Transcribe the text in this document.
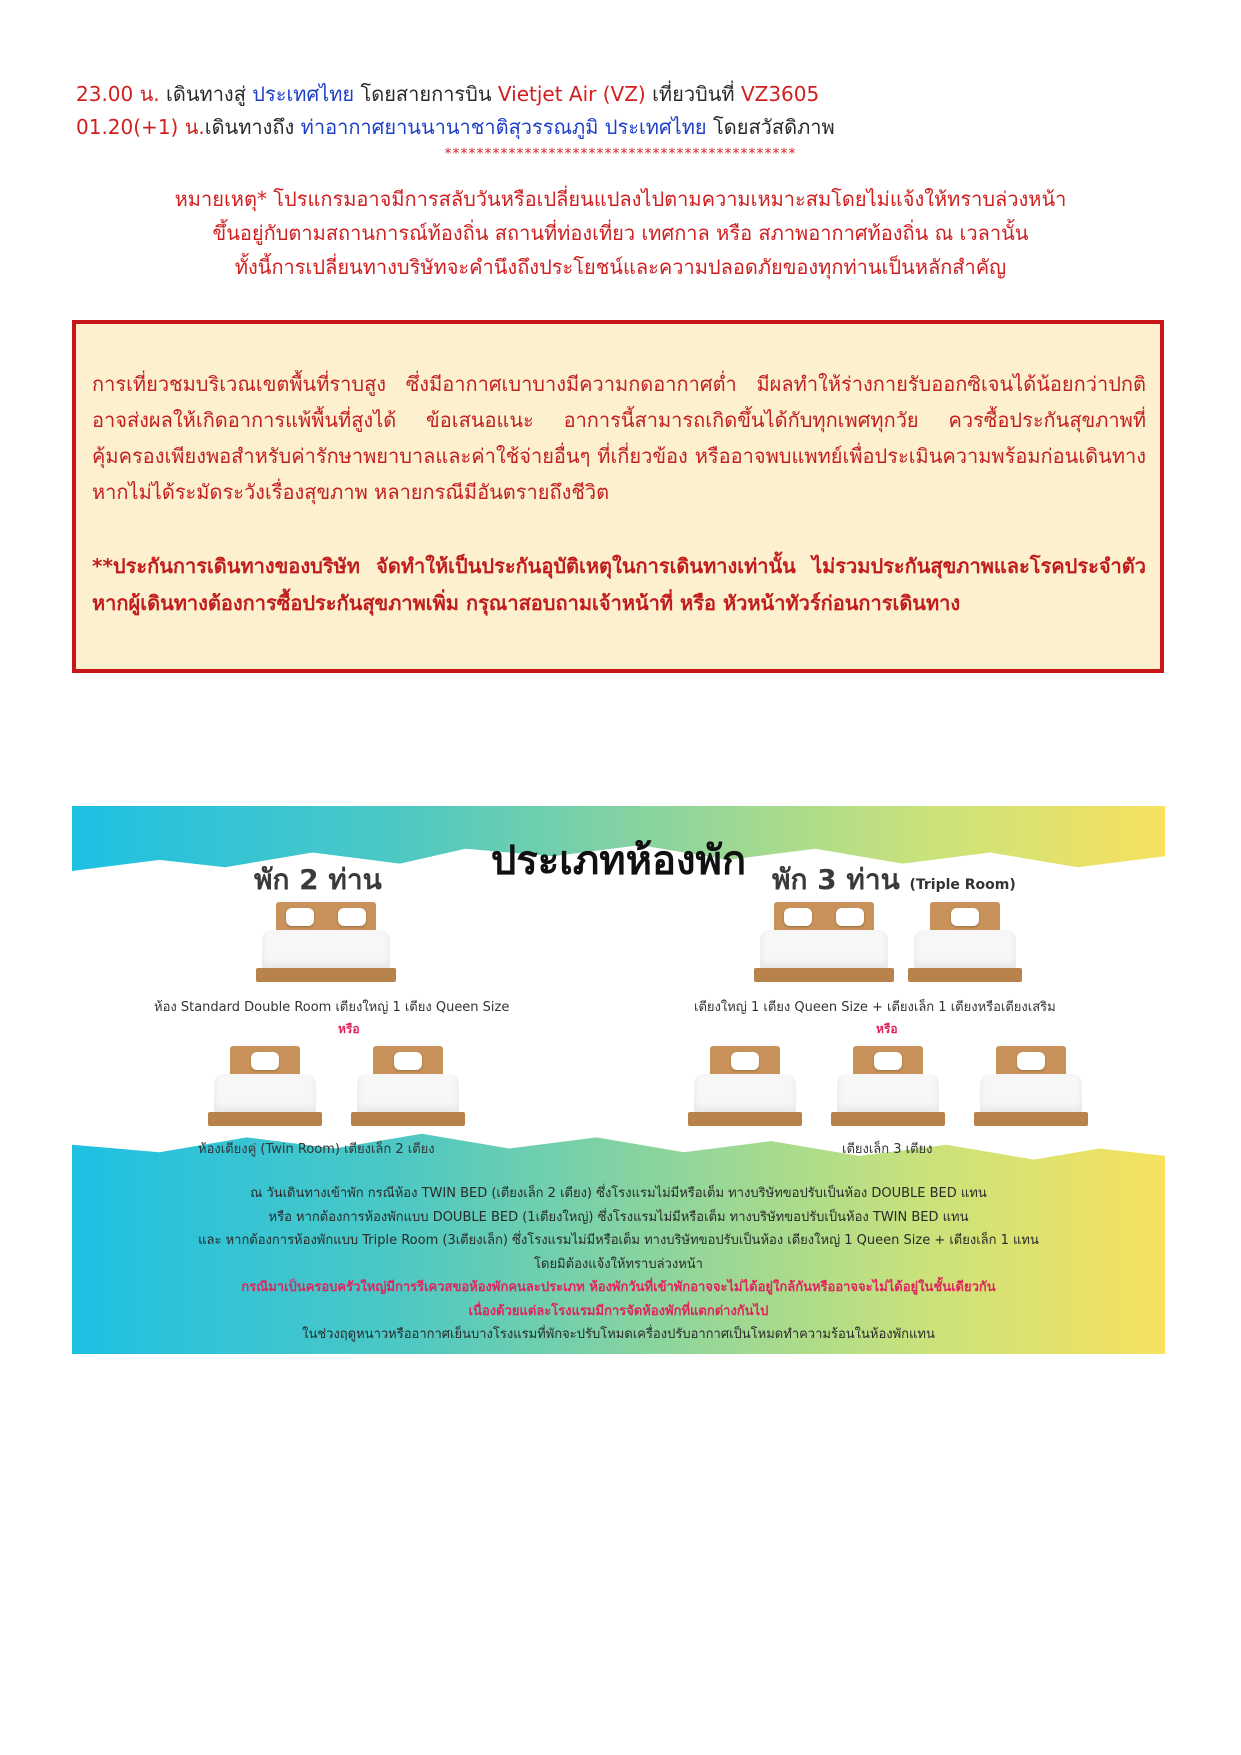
23.00 น. เดินทางสู่ ประเทศไทย โดยสายการบิน Vietjet Air (VZ) เที่ยวบินที่ VZ3605
01.20(+1) น.เดินทางถึง ท่าอากาศยานนานาชาติสุวรรณภูมิ ประเทศไทย โดยสวัสดิภาพ
********************************************
หมายเหตุ* โปรแกรมอาจมีการสลับวันหรือเปลี่ยนแปลงไปตามความเหมาะสมโดยไม่แจ้งให้ทราบล่วงหน้า
ขึ้นอยู่กับตามสถานการณ์ท้องถิ่น สถานที่ท่องเที่ยว เทศกาล หรือ สภาพอากาศท้องถิ่น ณ เวลานั้น
ทั้งนี้การเปลี่ยนทางบริษัทจะคำนึงถึงประโยชน์และความปลอดภัยของทุกท่านเป็นหลักสำคัญ
การเที่ยวชมบริเวณเขตพื้นที่ราบสูง ซึ่งมีอากาศเบาบางมีความกดอากาศต่ำ มีผลทำให้ร่างกายรับออกซิเจนได้น้อยกว่าปกติ อาจส่งผลให้เกิดอาการแพ้พื้นที่สูงได้ ข้อเสนอแนะ อาการนี้สามารถเกิดขึ้นได้กับทุกเพศทุกวัย ควรซื้อประกันสุขภาพที่คุ้มครองเพียงพอสำหรับค่ารักษาพยาบาลและค่าใช้จ่ายอื่นๆ ที่เกี่ยวข้อง หรืออาจพบแพทย์เพื่อประเมินความพร้อมก่อนเดินทาง หากไม่ได้ระมัดระวังเรื่องสุขภาพ หลายกรณีมีอันตรายถึงชีวิต
**ประกันการเดินทางของบริษัท จัดทำให้เป็นประกันอุบัติเหตุในการเดินทางเท่านั้น ไม่รวมประกันสุขภาพและโรคประจำตัว หากผู้เดินทางต้องการซื้อประกันสุขภาพเพิ่ม กรุณาสอบถามเจ้าหน้าที่ หรือ หัวหน้าทัวร์ก่อนการเดินทาง
ประเภทห้องพัก
พัก 2 ท่าน
ห้อง Standard Double Room เตียงใหญ่ 1 เตียง Queen Size
หรือ
ห้องเตียงคู่ (Twin Room) เตียงเล็ก 2 เตียง
พัก 3 ท่าน (Triple Room)
เตียงใหญ่ 1 เตียง Queen Size + เตียงเล็ก 1 เตียงหรือเตียงเสริม
หรือ
เตียงเล็ก 3 เตียง
ณ วันเดินทางเข้าพัก กรณีห้อง TWIN BED (เตียงเล็ก 2 เตียง) ซึ่งโรงแรมไม่มีหรือเต็ม ทางบริษัทขอปรับเป็นห้อง DOUBLE BED แทน
หรือ หากต้องการห้องพักแบบ DOUBLE BED (1เตียงใหญ่) ซึ่งโรงแรมไม่มีหรือเต็ม ทางบริษัทขอปรับเป็นห้อง TWIN BED แทน
และ หากต้องการห้องพักแบบ Triple Room (3เตียงเล็ก) ซึ่งโรงแรมไม่มีหรือเต็ม ทางบริษัทขอปรับเป็นห้อง เตียงใหญ่ 1 Queen Size + เตียงเล็ก 1 แทน
โดยมิต้องแจ้งให้ทราบล่วงหน้า
กรณีมาเป็นครอบครัวใหญ่มีการรีเควสขอห้องพักคนละประเภท ห้องพักวันที่เข้าพักอาจจะไม่ได้อยู่ใกล้กันหรืออาจจะไม่ได้อยู่ในชั้นเดียวกัน
เนื่องด้วยแต่ละโรงแรมมีการจัดห้องพักที่แตกต่างกันไป
ในช่วงฤดูหนาวหรืออากาศเย็นบางโรงแรมที่พักจะปรับโหมดเครื่องปรับอากาศเป็นโหมดทำความร้อนในห้องพักแทน
